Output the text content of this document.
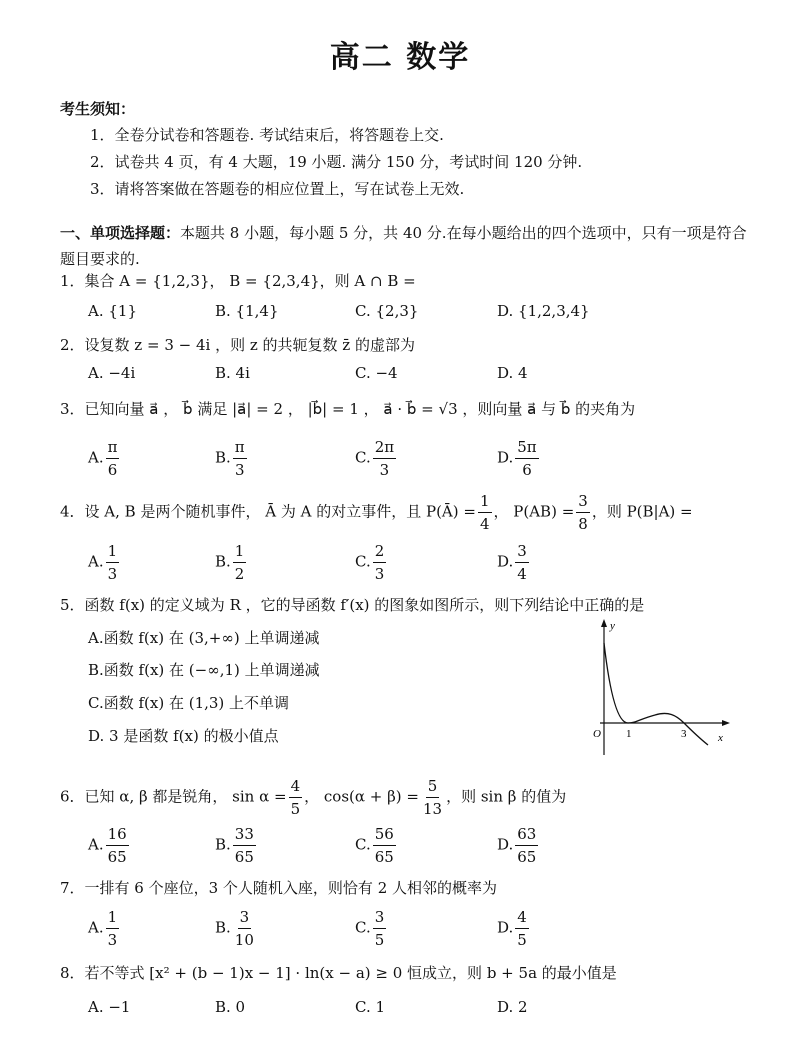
高二 数学
考生须知：
1．全卷分试卷和答题卷. 考试结束后，将答题卷上交.
2．试卷共 4 页，有 4 大题，19 小题. 满分 150 分，考试时间 120 分钟.
3．请将答案做在答题卷的相应位置上，写在试卷上无效.
一、单项选择题：本题共 8 小题，每小题 5 分，共 40 分.在每小题给出的四个选项中，只有一项是符合题目要求的.
1．集合 A = {1,2,3}， B = {2,3,4}，则 A ∩ B =
A. {1}	B. {1,4}	C. {2,3}	D. {1,2,3,4}
2．设复数 z = 3 − 4i ，则 z 的共轭复数 z̄ 的虚部为
A. −4i	B. 4i	C. −4	D. 4
3．已知向量 a⃗ ， b⃗ 满足 |a⃗| = 2 ， |b⃗| = 1 ， a⃗ · b⃗ = √3 ，则向量 a⃗ 与 b⃗ 的夹角为
A. $\frac{\pi}{6}$	B. $\frac{\pi}{3}$	C. $\frac{2\pi}{3}$	D. $\frac{5\pi}{6}$
4．设 A, B 是两个随机事件， Ā 为 A 的对立事件，且 P(Ā) = $\frac{1}{4}$ ， $P(AB) = \frac{3}{8}$ ，则 P(B|A) =
A. $\frac{1}{3}$	B. $\frac{1}{2}$	C. $\frac{2}{3}$	D. $\frac{3}{4}$
5．函数 f(x) 的定义域为 R ，它的导函数 f′(x) 的图象如图所示，则下列结论中正确的是
A.函数 f(x) 在 (3,+∞) 上单调递减
B.函数 f(x) 在 (−∞,1) 上单调递减
C.函数 f(x) 在 (1,3) 上不单调
D. 3 是函数 f(x) 的极小值点
y
x
O 1	3
6．已知 α, β 都是锐角， $\sin \alpha = \frac{4}{5}$ ， $\cos(\alpha + \beta) = \frac{5}{13}$ ，则 sin β 的值为
A. $\frac{16}{65}$	B. $\frac{33}{65}$	C. $\frac{56}{65}$	D. $\frac{63}{65}$
7．一排有 6 个座位，3 个人随机入座，则恰有 2 人相邻的概率为
A. $\frac{1}{3}$	B. $\frac{3}{10}$	C. $\frac{3}{5}$	D. $\frac{4}{5}$
8．若不等式 [x² + (b − 1)x − 1] · ln(x − a) ≥ 0 恒成立，则 b + 5a 的最小值是
A. −1	B. 0	C. 1	D. 2
